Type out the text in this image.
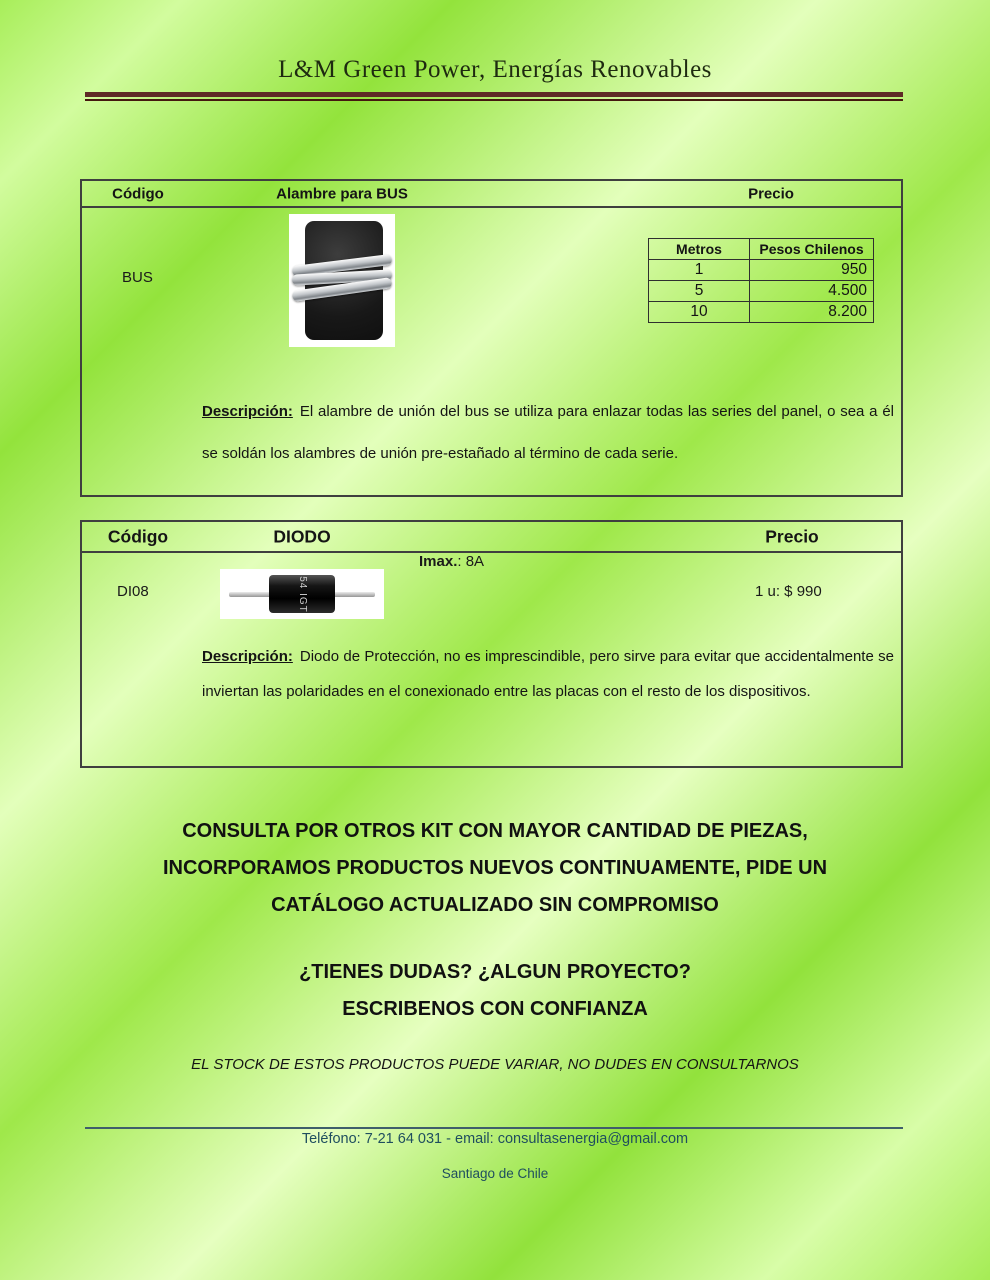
L&M Green Power, Energías Renovables
Código	Alambre para BUS	Precio
BUS
Metros	Pesos Chilenos
1	950
5	4.500
10	8.200

Descripción: El alambre de unión del bus se utiliza para enlazar todas las series del panel, o sea a él se soldán los alambres de unión pre-estañado al término de cada serie.

Código	DIODO	Precio
Imax.: 8A
DI08	54 IGT	1 u: $ 990

Descripción: Diodo de Protección, no es imprescindible, pero sirve para evitar que accidentalmente se inviertan las polaridades en el conexionado entre las placas con el resto de los dispositivos.

CONSULTA POR OTROS KIT CON MAYOR CANTIDAD DE PIEZAS,
INCORPORAMOS PRODUCTOS NUEVOS CONTINUAMENTE, PIDE UN
CATÁLOGO ACTUALIZADO SIN COMPROMISO
¿TIENES DUDAS? ¿ALGUN PROYECTO?
ESCRIBENOS CON CONFIANZA
EL STOCK DE ESTOS PRODUCTOS PUEDE VARIAR, NO DUDES EN CONSULTARNOS
Teléfono: 7-21 64 031 - email: consultasenergia@gmail.com
Santiago de Chile
